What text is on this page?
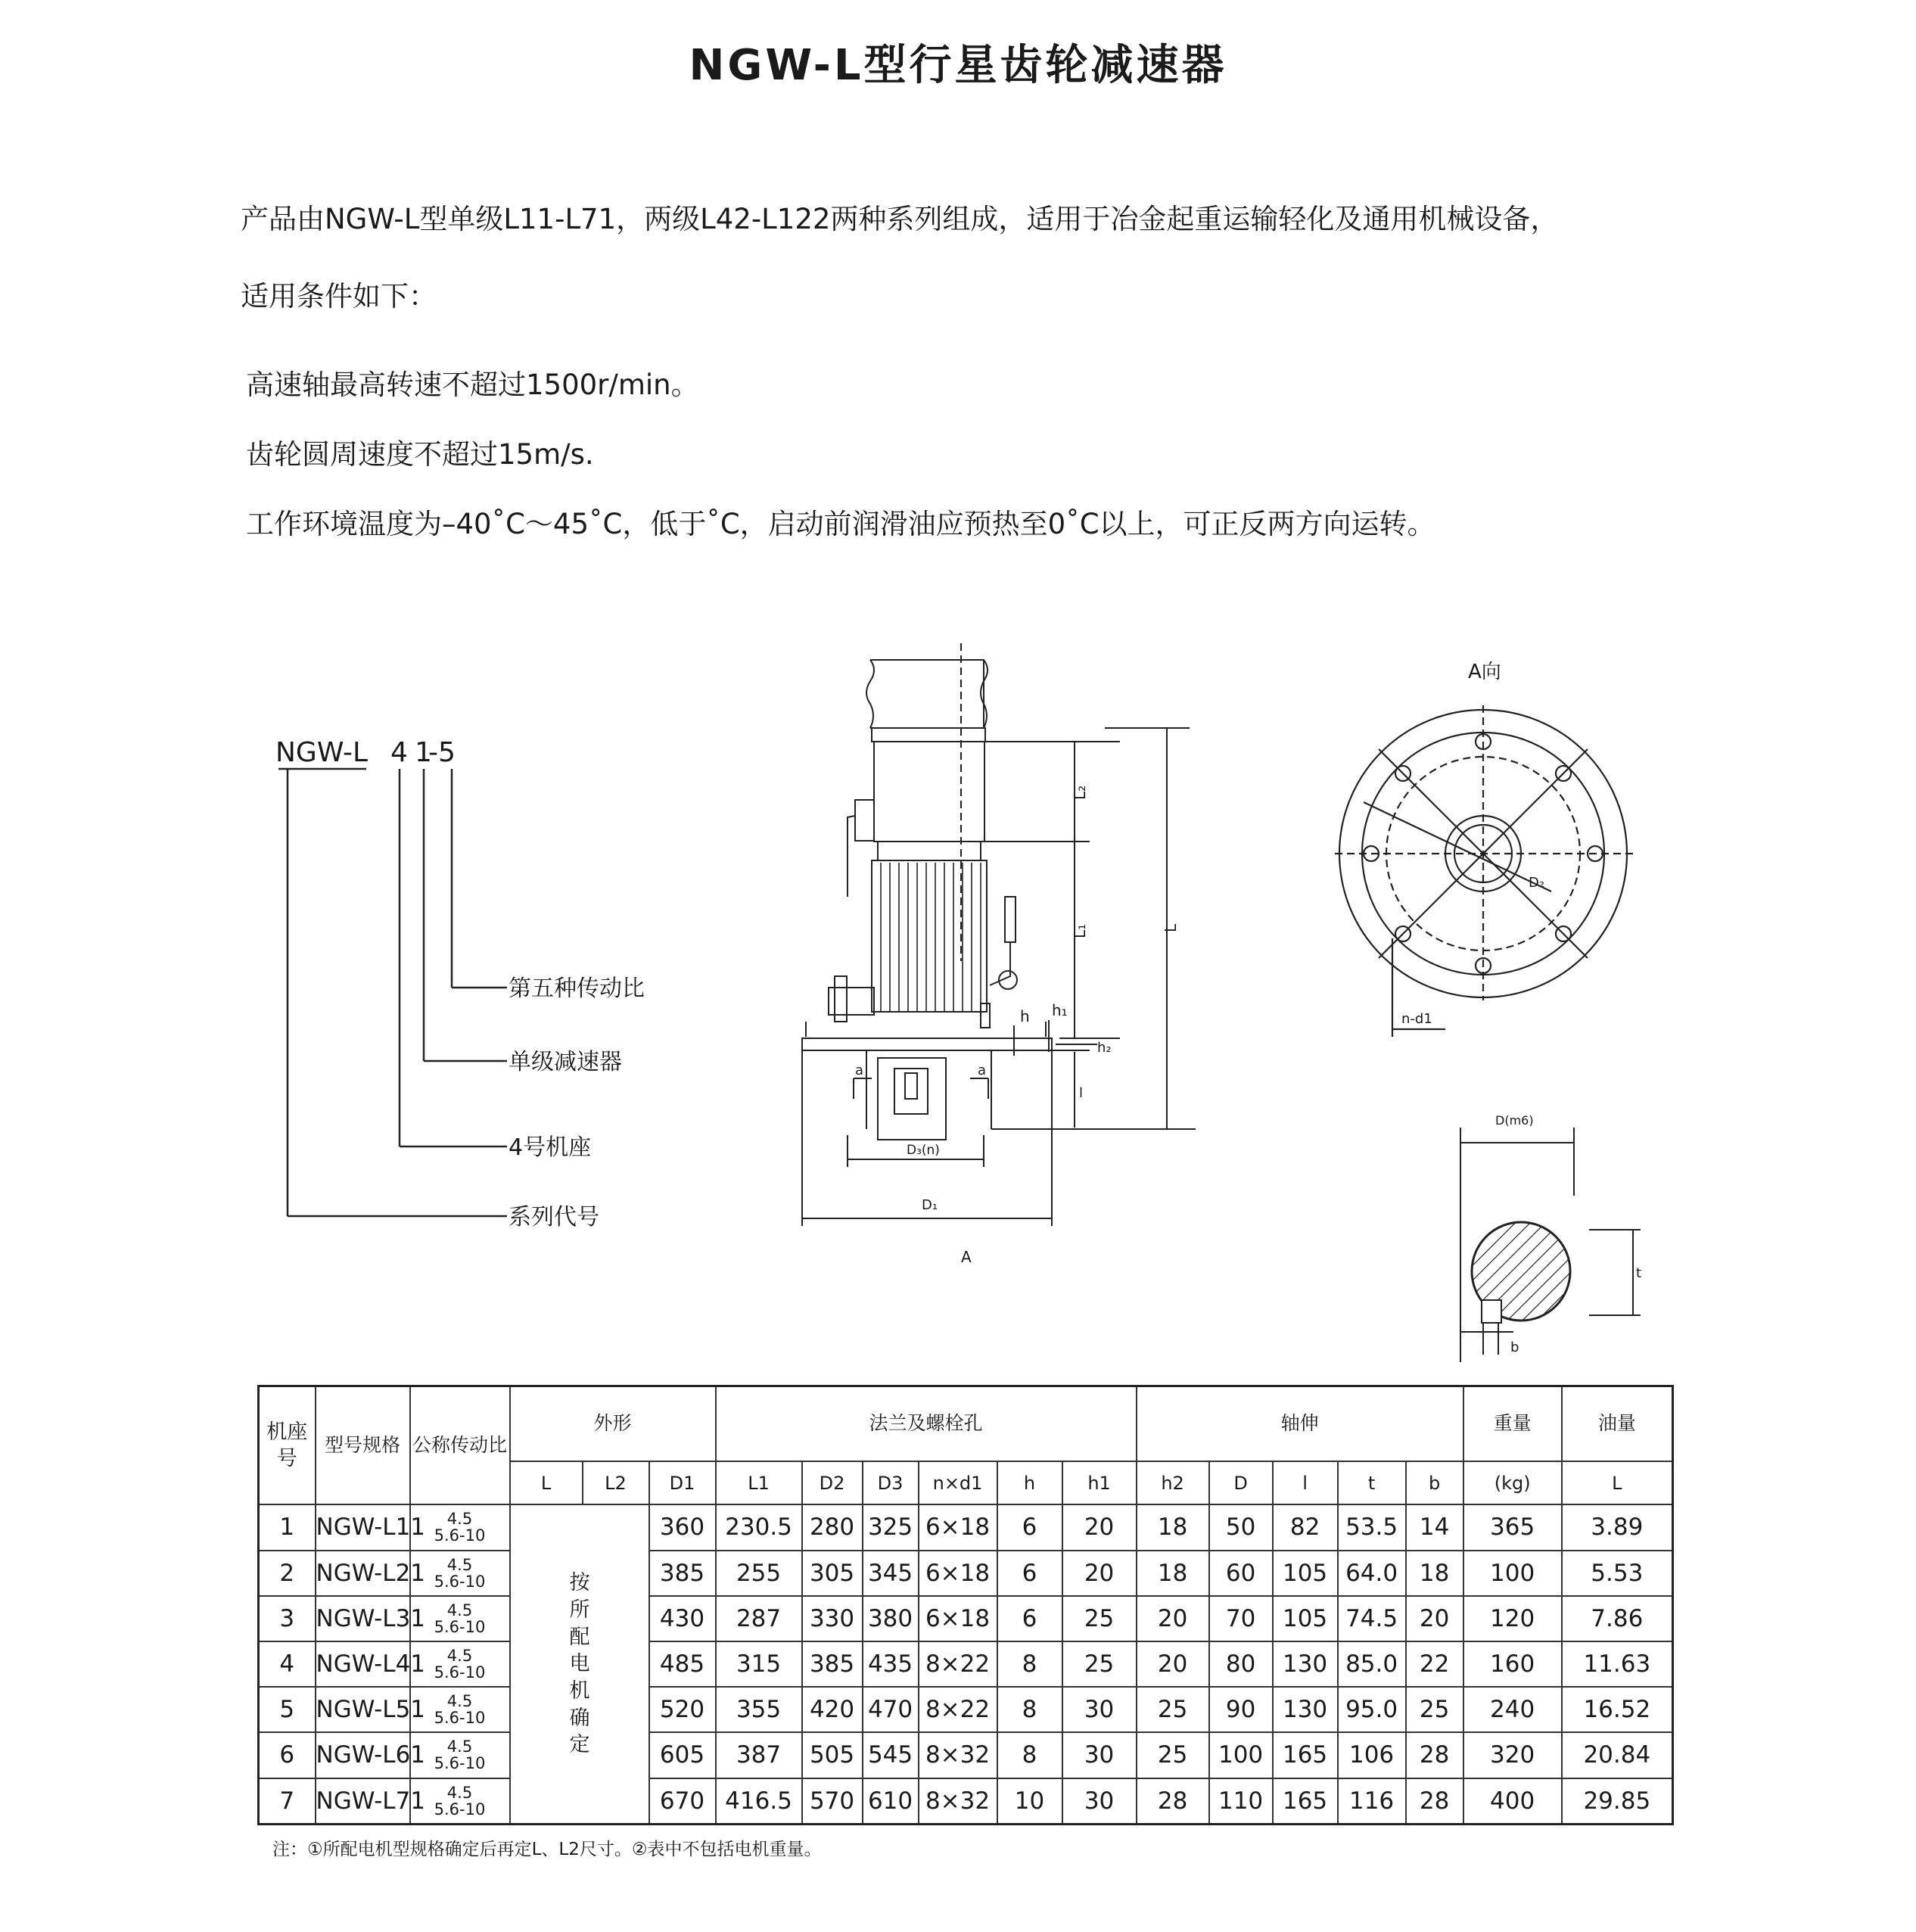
NGW-L型行星齿轮减速器
产品由NGW-L型单级L11-L71，两级L42-L122两种系列组成，适用于冶金起重运输轻化及通用机械设备，
适用条件如下：
高速轴最高转速不超过1500r/min。
齿轮圆周速度不超过15m/s.
工作环境温度为–40˚C～45˚C，低于˚C，启动前润滑油应预热至0˚C以上，可正反两方向运转。
NGW-L 4 1
-5
第五种传动比
单级减速器
4号机座
系列代号
L₂
L₁	L
h h₁
h₂
l
a	a
D₃(n)
D₁
A
A向
D₂
n-d1
D(m6)
t
b
机座号	型号规格	公称传动比	外形			法兰及螺栓孔						轴伸					重量	油量
			L	L2	D1	L1	D2	D3	n×d1	h	h1	h2	D	l	t	b	(kg)	L
1	NGW-L11	4.5
5.6-10	按所配电机确定		360	230.5	280	325	6×18	6	20	18	50	82	53.5	14	365	3.89
2	NGW-L21	4.5
5.6-10			385	255	305	345	6×18	6	20	18	60	105	64.0	18	100	5.53
3	NGW-L31	4.5
5.6-10			430	287	330	380	6×18	6	25	20	70	105	74.5	20	120	7.86
4	NGW-L41	4.5
5.6-10			485	315	385	435	8×22	8	25	20	80	130	85.0	22	160	11.63
5	NGW-L51	4.5
5.6-10			520	355	420	470	8×22	8	30	25	90	130	95.0	25	240	16.52
6	NGW-L61	4.5
5.6-10			605	387	505	545	8×32	8	30	25	100	165	106	28	320	20.84
7	NGW-L71	4.5
5.6-10			670	416.5	570	610	8×32	10	30	28	110	165	116	28	400	29.85
注：①所配电机型规格确定后再定L、L2尺寸。②表中不包括电机重量。
